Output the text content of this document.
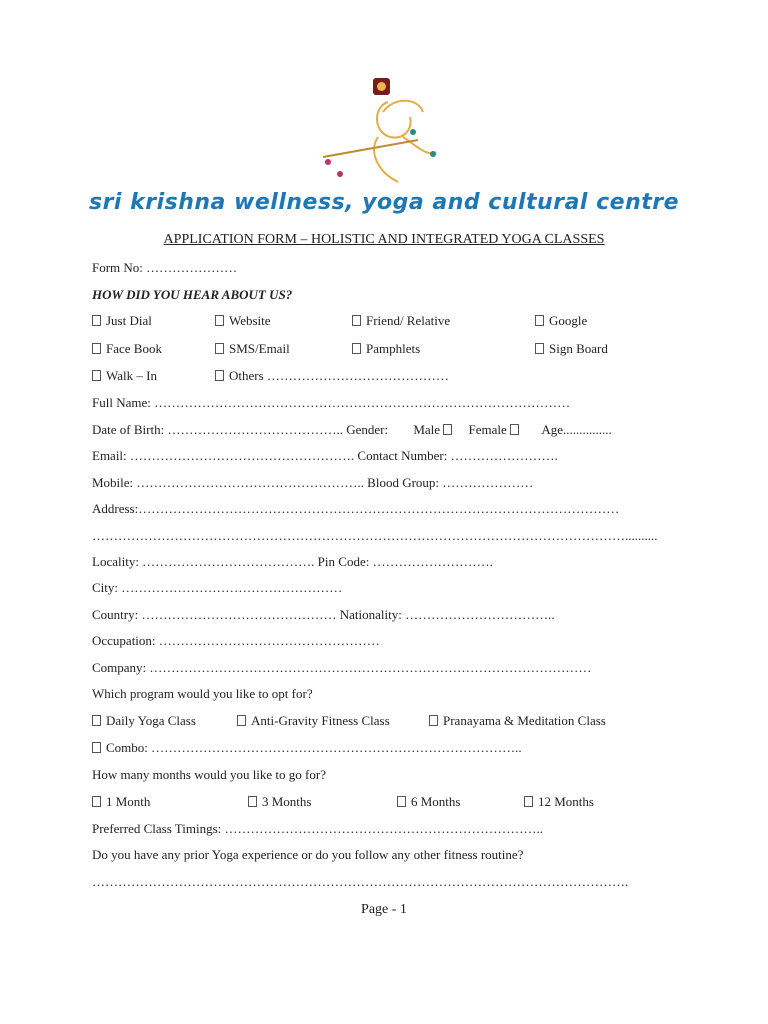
sri krishna wellness, yoga and cultural centre
APPLICATION FORM – HOLISTIC AND INTEGRATED YOGA CLASSES
Form No: …………………
HOW DID YOU HEAR ABOUT US?
Just Dial	Website	Friend/ Relative	Google
Face Book	SMS/Email	Pamphlets	Sign Board
Walk – In	Others ……………………………………
Full Name: ……………………………………………………………………………………
Date of Birth: ………………………………….. Gender: Male Female	Age...............
Email: ……………………………………………. Contact Number: …………………….
Mobile: …………………………………………….. Blood Group: …………………
Address:…………………………………………………………………………………………………
……………………………………………………………………………………………………………..........
Locality: …………………………………. Pin Code: ……………………….
City: ……………………………………………
Country: ……………………………………… Nationality: ……………………………..
Occupation: ……………………………………………
Company: …………………………………………………………………………………………
Which program would you like to opt for?
Daily Yoga Class	Anti-Gravity Fitness Class	Pranayama & Meditation Class
Combo: …………………………………………………………………………..
How many months would you like to go for?
1 Month	3 Months	6 Months	12 Months
Preferred Class Timings: ………………………………………………………………..
Do you have any prior Yoga experience or do you follow any other fitness routine?
…………………………………………………………………………………………………………….
Page - 1
